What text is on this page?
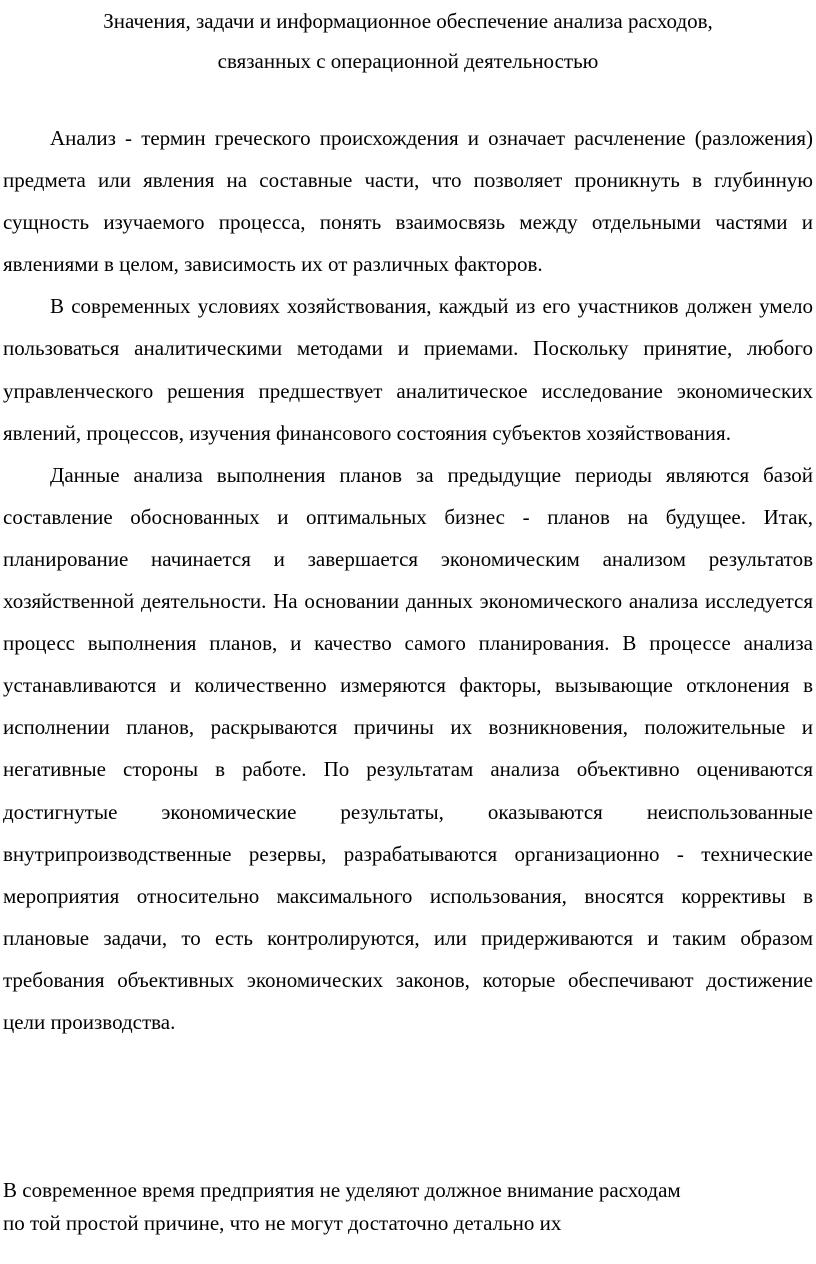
Значения, задачи и информационное обеспечение анализа расходов,
связанных с операционной деятельностью

Анализ - термин греческого происхождения и означает расчленение (разложения) предмета или явления на составные части, что позволяет проникнуть в глубинную сущность изучаемого процесса, понять взаимосвязь между отдельными частями и явлениями в целом, зависимость их от различных факторов.

В современных условиях хозяйствования, каждый из его участников должен умело пользоваться аналитическими методами и приемами. Поскольку принятие, любого управленческого решения предшествует аналитическое исследование экономических явлений, процессов, изучения финансового состояния субъектов хозяйствования.

Данные анализа выполнения планов за предыдущие периоды являются базой составление обоснованных и оптимальных бизнес - планов на будущее. Итак, планирование начинается и завершается экономическим анализом результатов хозяйственной деятельности. На основании данных экономического анализа исследуется процесс выполнения планов, и качество самого планирования. В процессе анализа устанавливаются и количественно измеряются факторы, вызывающие отклонения в исполнении планов, раскрываются причины их возникновения, положительные и негативные стороны в работе. По результатам анализа объективно оцениваются достигнутые экономические результаты, оказываются неиспользованные внутрипроизводственные резервы, разрабатываются организационно - технические мероприятия относительно максимального использования, вносятся коррективы в плановые задачи, то есть контролируются, или придерживаются и таким образом требования объективных экономических законов, которые обеспечивают достижение цели производства.

В современное время предприятия не уделяют должное внимание расходам
по той простой причине, что не могут достаточно детально их
